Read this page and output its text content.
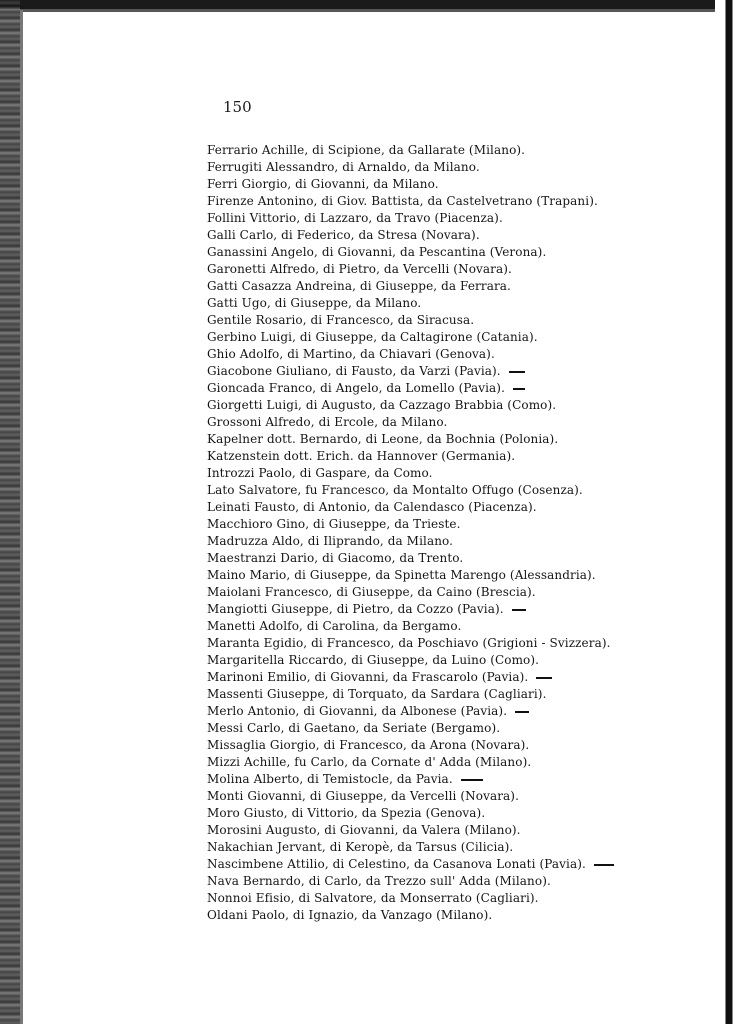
150
Ferrario Achille, di Scipione, da Gallarate (Milano).
Ferrugiti Alessandro, di Arnaldo, da Milano.
Ferri Giorgio, di Giovanni, da Milano.
Firenze Antonino, di Giov. Battista, da Castelvetrano (Trapani).
Follini Vittorio, di Lazzaro, da Travo (Piacenza).
Galli Carlo, di Federico, da Stresa (Novara).
Ganassini Angelo, di Giovanni, da Pescantina (Verona).
Garonetti Alfredo, di Pietro, da Vercelli (Novara).
Gatti Casazza Andreina, di Giuseppe, da Ferrara.
Gatti Ugo, di Giuseppe, da Milano.
Gentile Rosario, di Francesco, da Siracusa.
Gerbino Luigi, di Giuseppe, da Caltagirone (Catania).
Ghio Adolfo, di Martino, da Chiavari (Genova).
Giacobone Giuliano, di Fausto, da Varzi (Pavia).
Gioncada Franco, di Angelo, da Lomello (Pavia).
Giorgetti Luigi, di Augusto, da Cazzago Brabbia (Como).
Grossoni Alfredo, di Ercole, da Milano.
Kapelner dott. Bernardo, di Leone, da Bochnia (Polonia).
Katzenstein dott. Erich. da Hannover (Germania).
Introzzi Paolo, di Gaspare, da Como.
Lato Salvatore, fu Francesco, da Montalto Offugo (Cosenza).
Leinati Fausto, di Antonio, da Calendasco (Piacenza).
Macchioro Gino, di Giuseppe, da Trieste.
Madruzza Aldo, di Iliprando, da Milano.
Maestranzi Dario, di Giacomo, da Trento.
Maino Mario, di Giuseppe, da Spinetta Marengo (Alessandria).
Maiolani Francesco, di Giuseppe, da Caino (Brescia).
Mangiotti Giuseppe, di Pietro, da Cozzo (Pavia).
Manetti Adolfo, di Carolina, da Bergamo.
Maranta Egidio, di Francesco, da Poschiavo (Grigioni - Svizzera).
Margaritella Riccardo, di Giuseppe, da Luino (Como).
Marinoni Emilio, di Giovanni, da Frascarolo (Pavia).
Massenti Giuseppe, di Torquato, da Sardara (Cagliari).
Merlo Antonio, di Giovanni, da Albonese (Pavia).
Messi Carlo, di Gaetano, da Seriate (Bergamo).
Missaglia Giorgio, di Francesco, da Arona (Novara).
Mizzi Achille, fu Carlo, da Cornate d' Adda (Milano).
Molina Alberto, di Temistocle, da Pavia.
Monti Giovanni, di Giuseppe, da Vercelli (Novara).
Moro Giusto, di Vittorio, da Spezia (Genova).
Morosini Augusto, di Giovanni, da Valera (Milano).
Nakachian Jervant, di Keropè, da Tarsus (Cilicia).
Nascimbene Attilio, di Celestino, da Casanova Lonati (Pavia).
Nava Bernardo, di Carlo, da Trezzo sull' Adda (Milano).
Nonnoi Efisio, di Salvatore, da Monserrato (Cagliari).
Oldani Paolo, di Ignazio, da Vanzago (Milano).
